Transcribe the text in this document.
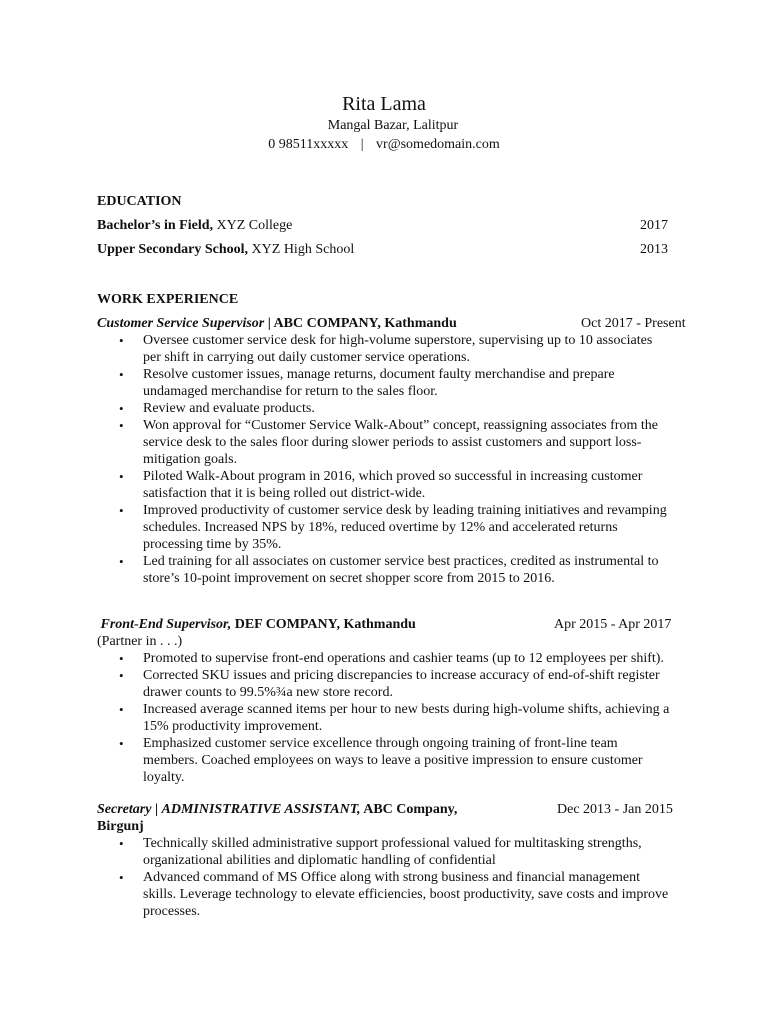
Rita Lama
Mangal Bazar, Lalitpur
0 98511xxxxx | vr@somedomain.com
EDUCATION
Bachelor’s in Field, XYZ College	2017
Upper Secondary School, XYZ High School	2013
WORK EXPERIENCE
Customer Service Supervisor | ABC COMPANY, Kathmandu	Oct 2017 - Present
• Oversee customer service desk for high-volume superstore, supervising up to 10 associates per shift in carrying out daily customer service operations.
• Resolve customer issues, manage returns, document faulty merchandise and prepare undamaged merchandise for return to the sales floor.
• Review and evaluate products.
• Won approval for “Customer Service Walk-About” concept, reassigning associates from the service desk to the sales floor during slower periods to assist customers and support loss-mitigation goals.
• Piloted Walk-About program in 2016, which proved so successful in increasing customer satisfaction that it is being rolled out district-wide.
• Improved productivity of customer service desk by leading training initiatives and revamping schedules. Increased NPS by 18%, reduced overtime by 12% and accelerated returns processing time by 35%.
• Led training for all associates on customer service best practices, credited as instrumental to store’s 10-point improvement on secret shopper score from 2015 to 2016.
Front-End Supervisor, DEF COMPANY, Kathmandu	Apr 2015 - Apr 2017
(Partner in . . .)
• Promoted to supervise front-end operations and cashier teams (up to 12 employees per shift).
• Corrected SKU issues and pricing discrepancies to increase accuracy of end-of-shift register drawer counts to 99.5%¾a new store record.
• Increased average scanned items per hour to new bests during high-volume shifts, achieving a 15% productivity improvement.
• Emphasized customer service excellence through ongoing training of front-line team members. Coached employees on ways to leave a positive impression to ensure customer loyalty.
Secretary | ADMINISTRATIVE ASSISTANT, ABC Company,	Dec 2013 - Jan 2015
Birgunj
• Technically skilled administrative support professional valued for multitasking strengths, organizational abilities and diplomatic handling of confidential
• Advanced command of MS Office along with strong business and financial management skills. Leverage technology to elevate efficiencies, boost productivity, save costs and improve processes.
